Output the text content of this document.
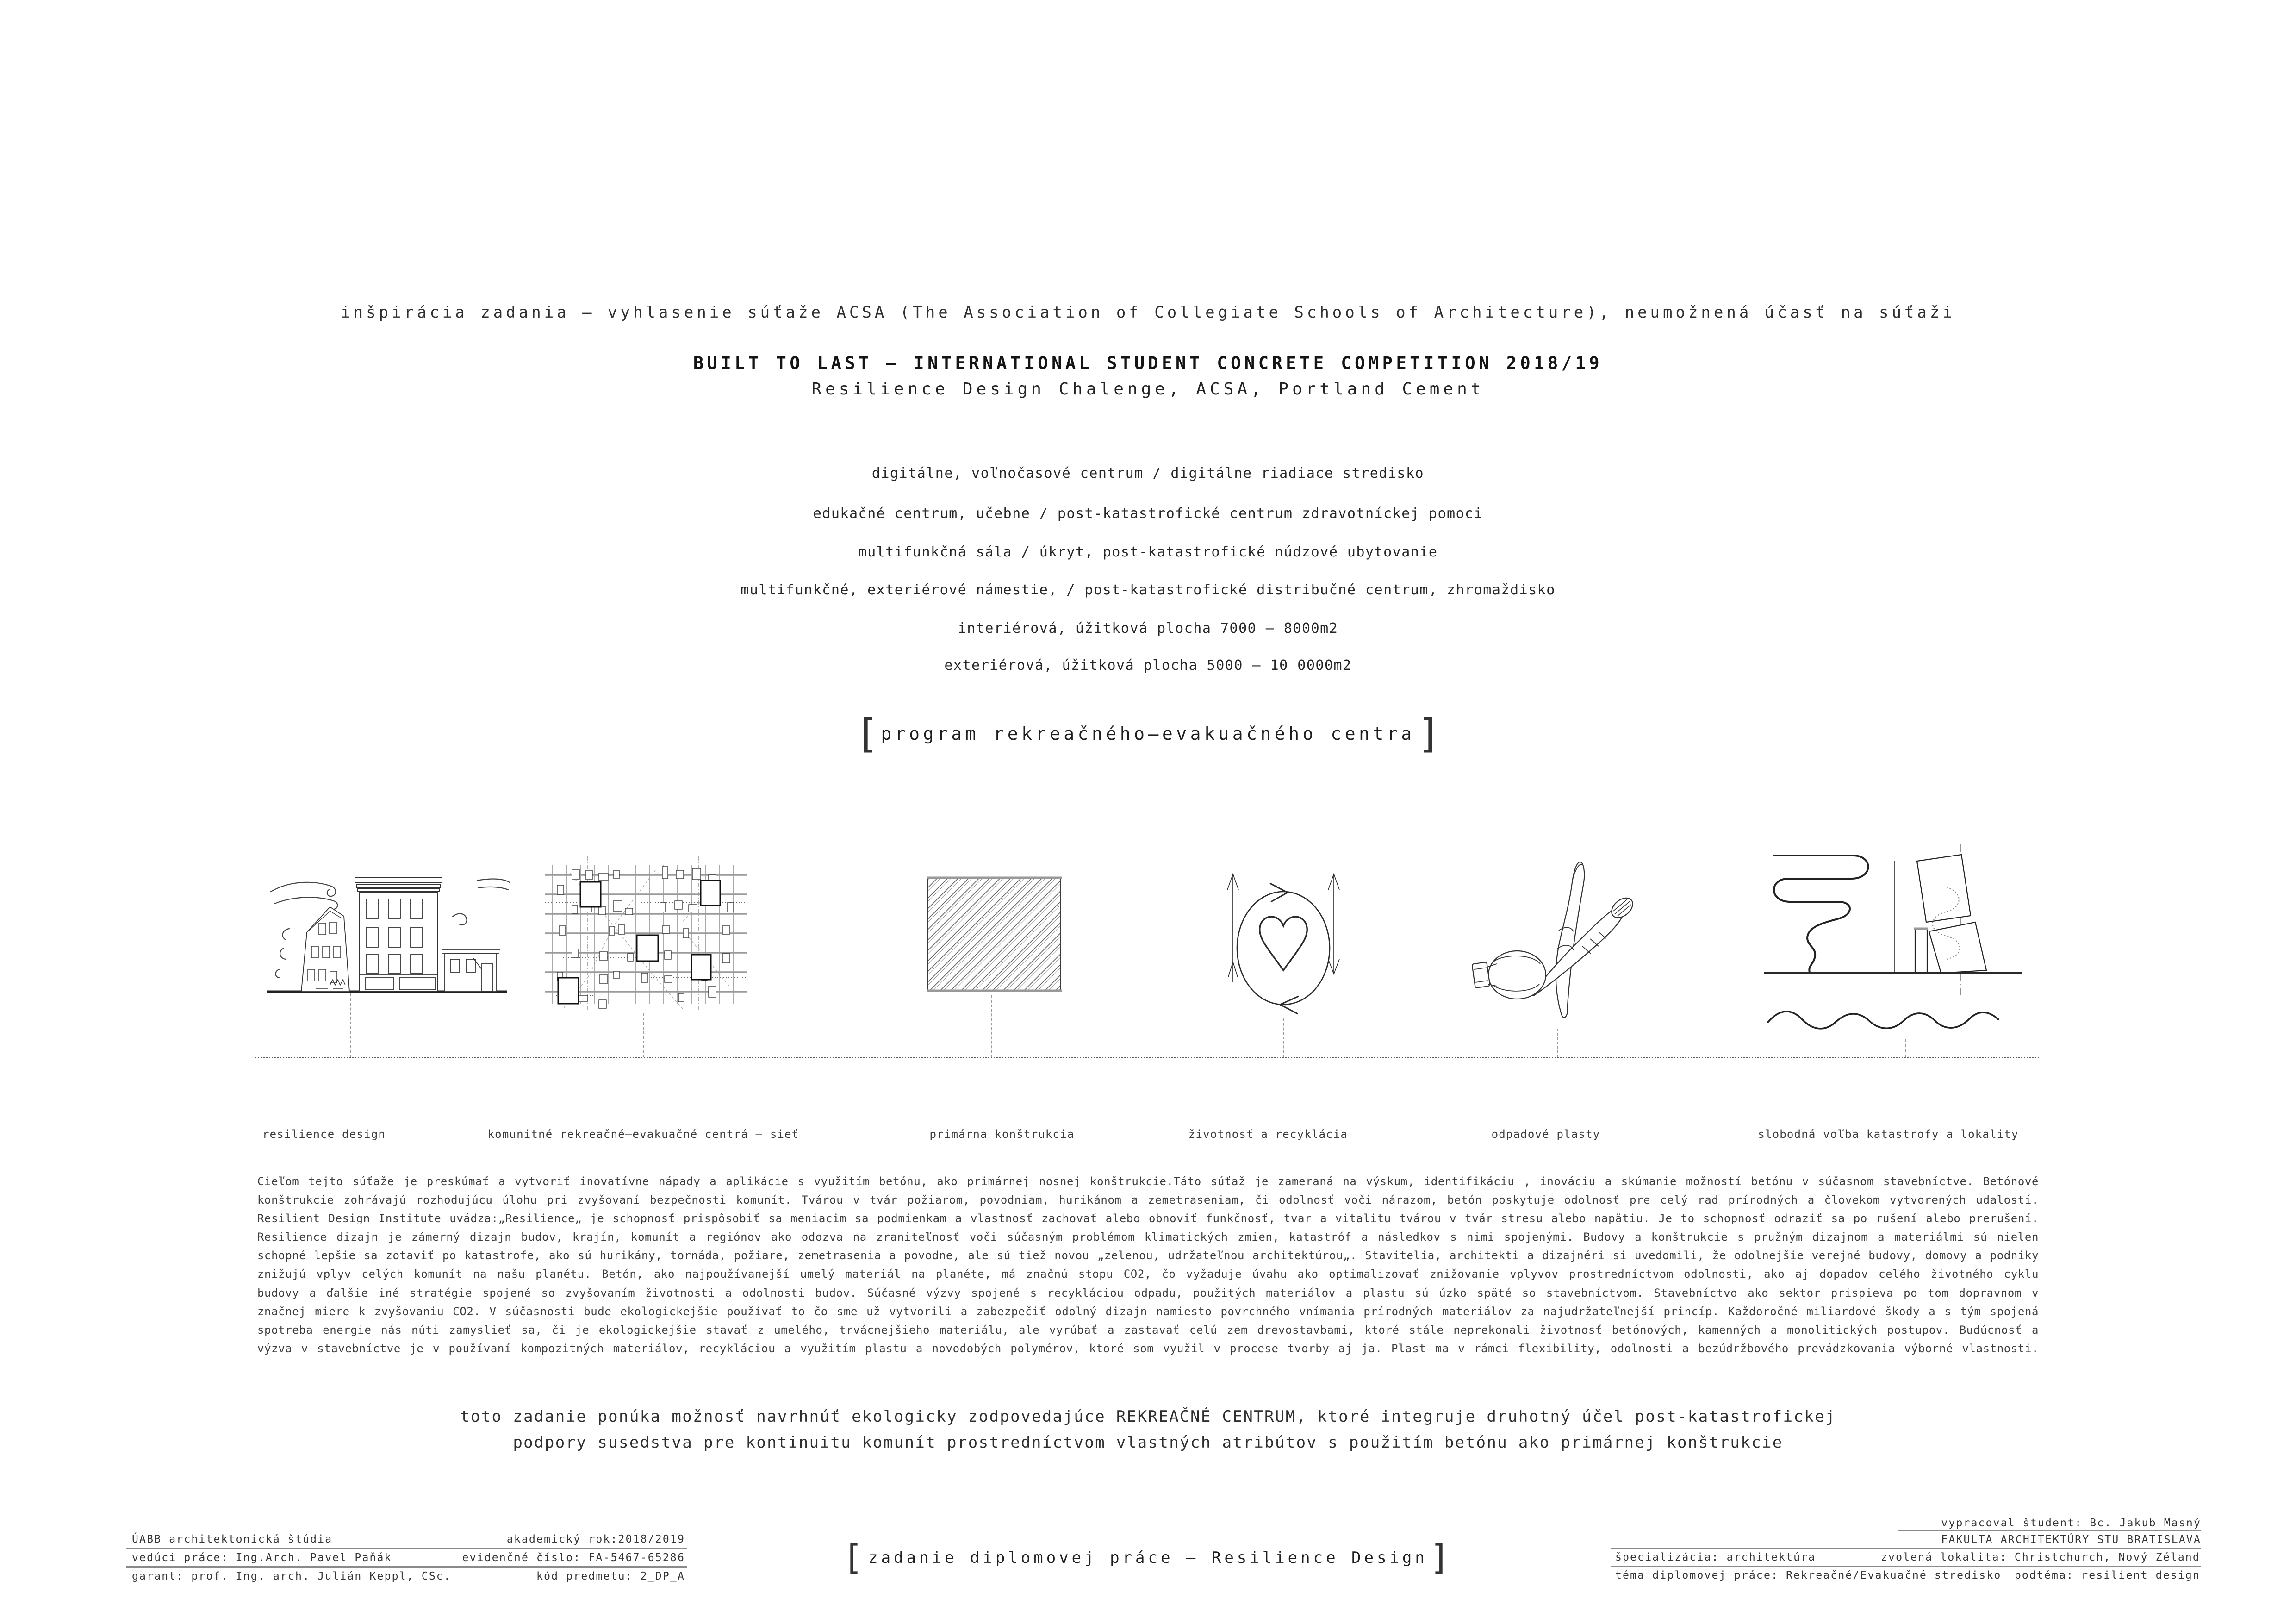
inšpirácia zadania – vyhlasenie súťaže ACSA (The Association of Collegiate Schools of Architecture), neumožnená účasť na súťaži
BUILT TO LAST – INTERNATIONAL STUDENT CONCRETE COMPETITION 2018/19
Resilience Design Chalenge, ACSA, Portland Cement
digitálne, voľnočasové centrum / digitálne riadiace stredisko
edukačné centrum, učebne / post-katastrofické centrum zdravotníckej pomoci
multifunkčná sála / úkryt, post-katastrofické núdzové ubytovanie
multifunkčné, exteriérové námestie, / post-katastrofické distribučné centrum, zhromaždisko
interiérová, úžitková plocha 7000 – 8000m2
exteriérová, úžitková plocha 5000 – 10 0000m2
[ program rekreačného–evakuačného centra ]
resilience design	komunitné rekreačné–evakuačné centrá – sieť	primárna konštrukcia	životnosť a recyklácia	odpadové plasty	slobodná voľba katastrofy a lokality
Cieľom tejto súťaže je preskúmať a vytvoriť inovatívne nápady a aplikácie s využitím betónu, ako primárnej nosnej konštrukcie.Táto súťaž je zameraná na výskum, identifikáciu , inováciu a skúmanie možností betónu v súčasnom stavebníctve. Betónové
konštrukcie zohrávajú rozhodujúcu úlohu pri zvyšovaní bezpečnosti komunít. Tvárou v tvár požiarom, povodniam, hurikánom a zemetraseniam, či odolnosť voči nárazom, betón poskytuje odolnosť pre celý rad prírodných a človekom vytvorených udalostí.
Resilient Design Institute uvádza:„Resilience„ je schopnosť prispôsobiť sa meniacim sa podmienkam a vlastnosť zachovať alebo obnoviť funkčnosť, tvar a vitalitu tvárou v tvár stresu alebo napätiu. Je to schopnosť odraziť sa po rušení alebo prerušení.
Resilience dizajn je zámerný dizajn budov, krajín, komunít a regiónov ako odozva na zraniteľnosť voči súčasným problémom klimatických zmien, katastróf a následkov s nimi spojenými. Budovy a konštrukcie s pružným dizajnom a materiálmi sú nielen
schopné lepšie sa zotaviť po katastrofe, ako sú hurikány, tornáda, požiare, zemetrasenia a povodne, ale sú tiež novou „zelenou, udržateľnou architektúrou„. Stavitelia, architekti a dizajnéri si uvedomili, že odolnejšie verejné budovy, domovy a podniky
znižujú vplyv celých komunít na našu planétu. Betón, ako najpoužívanejší umelý materiál na planéte, má značnú stopu CO2, čo vyžaduje úvahu ako optimalizovať znižovanie vplyvov prostredníctvom odolnosti, ako aj dopadov celého životného cyklu
budovy a ďalšie iné stratégie spojené so zvyšovaním životnosti a odolnosti budov. Súčasné výzvy spojené s recykláciou odpadu, použitých materiálov a plastu sú úzko späté so stavebníctvom. Stavebníctvo ako sektor prispieva po tom dopravnom v
značnej miere k zvyšovaniu CO2. V súčasnosti bude ekologickejšie používať to čo sme už vytvorili a zabezpečiť odolný dizajn namiesto povrchného vnímania prírodných materiálov za najudržateľnejší princíp. Každoročné miliardové škody a s tým spojená
spotreba energie nás núti zamyslieť sa, či je ekologickejšie stavať z umelého, trvácnejšieho materiálu, ale vyrúbať a zastavať celú zem drevostavbami, ktoré stále neprekonali životnosť betónových, kamenných a monolitických postupov. Budúcnosť a
výzva v stavebníctve je v používaní kompozitných materiálov, recykláciou a využitím plastu a novodobých polymérov, ktoré som využil v procese tvorby aj ja. Plast ma v rámci flexibility, odolnosti a bezúdržbového prevádzkovania výborné vlastnosti.
toto zadanie ponúka možnosť navrhnúť ekologicky zodpovedajúce REKREAČNÉ CENTRUM, ktoré integruje druhotný účel post-katastrofickej
podpory susedstva pre kontinuitu komunít prostredníctvom vlastných atribútov s použitím betónu ako primárnej konštrukcie
ÚABB architektonická štúdia	akademický rok:2018/2019
vedúci práce: Ing.Arch. Pavel Paňák	evidenčné číslo: FA-5467-65286
garant: prof. Ing. arch. Julián Keppl, CSc.	kód predmetu: 2_DP_A	[ zadanie diplomovej práce – Resilience Design ]
vypracoval študent: Bc. Jakub Masný
FAKULTA ARCHITEKTÚRY STU BRATISLAVA
špecializácia: architektúra	zvolená lokalita: Christchurch, Nový Zéland
téma diplomovej práce: Rekreačné/Evakuačné stredisko podtéma: resilient design
